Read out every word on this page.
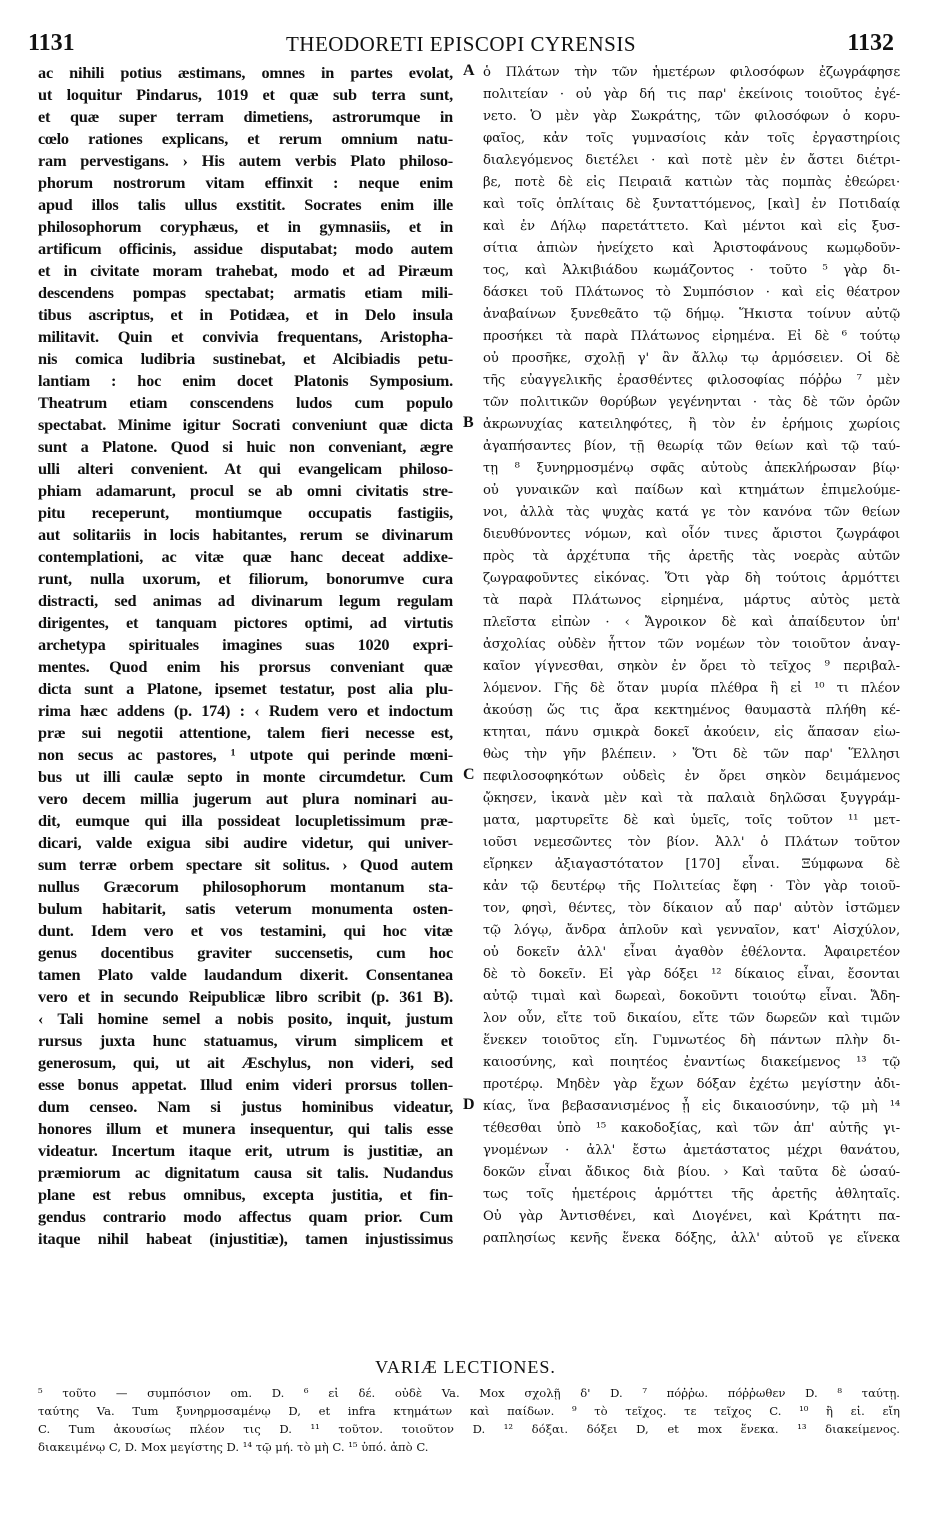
1131	THEODORETI EPISCOPI CYRENSIS	1132
ac nihili potius æstimans, omnes in partes evolat,
ut loquitur Pindarus, 1019 et quæ sub terra sunt,
et quæ super terram dimetiens, astrorumque in
cœlo rationes explicans, et rerum omnium natu-
ram pervestigans. › His autem verbis Plato philoso-
phorum nostrorum vitam effinxit : neque enim
apud illos talis ullus exstitit. Socrates enim ille
philosophorum coryphæus, et in gymnasiis, et in
artificum officinis, assidue disputabat; modo autem
et in civitate moram trahebat, modo et ad Piræum
descendens pompas spectabat; armatis etiam mili-
tibus ascriptus, et in Potidæa, et in Delo insula
militavit. Quin et convivia frequentans, Aristopha-
nis comica ludibria sustinebat, et Alcibiadis petu-
lantiam : hoc enim docet Platonis Symposium.
Theatrum etiam conscendens ludos cum populo
spectabat. Minime igitur Socrati conveniunt quæ dicta
sunt a Platone. Quod si huic non conveniant, ægre
ulli alteri convenient. At qui evangelicam philoso-
phiam adamarunt, procul se ab omni civitatis stre-
pitu receperunt, montiumque occupatis fastigiis,
aut solitariis in locis habitantes, rerum se divinarum
contemplationi, ac vitæ quæ hanc deceat addixe-
runt, nulla uxorum, et filiorum, bonorumve cura
distracti, sed animas ad divinarum legum regulam
dirigentes, et tanquam pictores optimi, ad virtutis
archetypa spirituales imagines suas 1020 expri-
mentes. Quod enim his prorsus conveniant quæ
dicta sunt a Platone, ipsemet testatur, post alia plu-
rima hæc addens (p. 174) : ‹ Rudem vero et indoctum
præ sui negotii attentione, talem fieri necesse est,
non secus ac pastores, ¹ utpote qui perinde mœni-
bus ut illi caulæ septo in monte circumdetur. Cum
vero decem millia jugerum aut plura nominari au-
dit, eumque qui illa possideat locupletissimum præ-
dicari, valde exigua sibi audire videtur, qui univer-
sum terræ orbem spectare sit solitus. › Quod autem
nullus Græcorum philosophorum montanum sta-
bulum habitarit, satis veterum monumenta osten-
dunt. Idem vero et vos testamini, qui hoc vitæ
genus docentibus graviter succensetis, cum hoc
tamen Plato valde laudandum dixerit. Consentanea
vero et in secundo Reipublicæ libro scribit (p. 361 B).
‹ Tali homine semel a nobis posito, inquit, justum
rursus juxta hunc statuamus, virum simplicem et
generosum, qui, ut ait Æschylus, non videri, sed
esse bonus appetat. Illud enim videri prorsus tollen-
dum censeo. Nam si justus hominibus videatur,
honores illum et munera insequentur, qui talis esse
videatur. Incertum itaque erit, utrum is justitiæ, an
præmiorum ac dignitatum causa sit talis. Nudandus
plane est rebus omnibus, excepta justitia, et fin-
gendus contrario modo affectus quam prior. Cum
itaque nihil habeat (injustitiæ), tamen injustissimus
A
B
C
D
ὁ Πλάτων τὴν τῶν ἡμετέρων φιλοσόφων ἐζωγράφησε
πολιτείαν · οὐ γὰρ δή τις παρ' ἐκείνοις τοιοῦτος ἐγέ-
νετο. Ὁ μὲν γὰρ Σωκράτης, τῶν φιλοσόφων ὁ κορυ-
φαῖος, κἀν τοῖς γυμνασίοις κἀν τοῖς ἐργαστηρίοις
διαλεγόμενος διετέλει · καὶ ποτὲ μὲν ἐν ἄστει διέτρι-
βε, ποτὲ δὲ εἰς Πειραιᾶ κατιὼν τὰς πομπὰς ἐθεώρει·
καὶ τοῖς ὁπλίταις δὲ ξυνταττόμενος, [καὶ] ἐν Ποτιδαίᾳ
καὶ ἐν Δήλῳ παρετάττετο. Καὶ μέντοι καὶ εἰς ξυσ-
σίτια ἀπιὼν ἠνείχετο καὶ Ἀριστοφάνους κωμῳδοῦν-
τος, καὶ Ἀλκιβιάδου κωμάζοντος · τοῦτο ⁵ γὰρ δι-
δάσκει τοῦ Πλάτωνος τὸ Συμπόσιον · καὶ εἰς θέατρον
ἀναβαίνων ξυνεθεᾶτο τῷ δήμῳ. Ἥκιστα τοίνυν αὐτῷ
προσήκει τὰ παρὰ Πλάτωνος εἰρημένα. Εἰ δὲ ⁶ τούτῳ
οὐ προσῆκε, σχολῇ γ' ἂν ἄλλῳ τῳ ἁρμόσειεν. Οἱ δὲ
τῆς εὐαγγελικῆς ἐρασθέντες φιλοσοφίας πόῤῥω ⁷ μὲν
τῶν πολιτικῶν θορύβων γεγένηνται · τὰς δὲ τῶν ὀρῶν
ἀκρωνυχίας κατειληφότες, ἢ τὸν ἐν ἐρήμοις χωρίοις
ἀγαπήσαντες βίον, τῇ θεωρίᾳ τῶν θείων καὶ τῷ ταύ-
τῃ ⁸ ξυνηρμοσμένῳ σφᾶς αὐτοὺς ἀπεκλήρωσαν βίῳ·
οὐ γυναικῶν καὶ παίδων καὶ κτημάτων ἐπιμελούμε-
νοι, ἀλλὰ τὰς ψυχὰς κατά γε τὸν κανόνα τῶν θείων
διευθύνοντες νόμων, καὶ οἷόν τινες ἄριστοι ζωγράφοι
πρὸς τὰ ἀρχέτυπα τῆς ἀρετῆς τὰς νοερὰς αὐτῶν
ζωγραφοῦντες εἰκόνας. Ὅτι γὰρ δὴ τούτοις ἁρμόττει
τὰ παρὰ Πλάτωνος εἰρημένα, μάρτυς αὐτὸς μετὰ
πλεῖστα εἰπὼν · ‹ Ἄγροικον δὲ καὶ ἀπαίδευτον ὑπ'
ἀσχολίας οὐδὲν ἧττον τῶν νομέων τὸν τοιοῦτον ἀναγ-
καῖον γίγνεσθαι, σηκὸν ἐν ὄρει τὸ τεῖχος ⁹ περιβαλ-
λόμενον. Γῆς δὲ ὅταν μυρία πλέθρα ἢ εἰ ¹⁰ τι πλέον
ἀκούσῃ ὥς τις ἄρα κεκτημένος θαυμαστὰ πλήθη κέ-
κτηται, πάνυ σμικρὰ δοκεῖ ἀκούειν, εἰς ἅπασαν εἰω-
θὼς τὴν γῆν βλέπειν. › Ὅτι δὲ τῶν παρ' Ἕλλησι
πεφιλοσοφηκότων οὐδεὶς ἐν ὄρει σηκὸν δειμάμενος
ᾤκησεν, ἱκανὰ μὲν καὶ τὰ παλαιὰ δηλῶσαι ξυγγράμ-
ματα, μαρτυρεῖτε δὲ καὶ ὑμεῖς, τοῖς τοῦτον ¹¹ μετ-
ιοῦσι νεμεσῶντες τὸν βίον. Ἀλλ' ὁ Πλάτων τοῦτον
εἴρηκεν ἀξιαγαστότατον [170] εἶναι. Ξύμφωνα δὲ
κἀν τῷ δευτέρῳ τῆς Πολιτείας ἔφη · Τὸν γὰρ τοιοῦ-
τον, φησὶ, θέντες, τὸν δίκαιον αὖ παρ' αὐτὸν ἱστῶμεν
τῷ λόγῳ, ἄνδρα ἁπλοῦν καὶ γενναῖον, κατ' Αἰσχύλον,
οὐ δοκεῖν ἀλλ' εἶναι ἀγαθὸν ἐθέλοντα. Ἀφαιρετέον
δὲ τὸ δοκεῖν. Εἰ γὰρ δόξει ¹² δίκαιος εἶναι, ἔσονται
αὐτῷ τιμαὶ καὶ δωρεαὶ, δοκοῦντι τοιούτῳ εἶναι. Ἄδη-
λον οὖν, εἴτε τοῦ δικαίου, εἴτε τῶν δωρεῶν καὶ τιμῶν
ἕνεκεν τοιοῦτος εἴη. Γυμνωτέος δὴ πάντων πλὴν δι-
καιοσύνης, καὶ ποιητέος ἐναντίως διακείμενος ¹³ τῷ
προτέρῳ. Μηδὲν γὰρ ἔχων δόξαν ἐχέτω μεγίστην ἀδι-
κίας, ἵνα βεβασανισμένος ᾖ εἰς δικαιοσύνην, τῷ μὴ ¹⁴
τέθεσθαι ὑπὸ ¹⁵ κακοδοξίας, καὶ τῶν ἀπ' αὐτῆς γι-
γνομένων · ἀλλ' ἔστω ἀμετάστατος μέχρι θανάτου,
δοκῶν εἶναι ἄδικος διὰ βίου. › Καὶ ταῦτα δὲ ὡσαύ-
τως τοῖς ἡμετέροις ἁρμόττει τῆς ἀρετῆς ἀθληταῖς.
Οὐ γὰρ Ἀντισθένει, καὶ Διογένει, καὶ Κράτητι πα-
ραπλησίως κενῆς ἕνεκα δόξης, ἀλλ' αὐτοῦ γε εἵνεκα
VARIÆ LECTIONES.
⁵ τοῦτο — συμπόσιον om. D. ⁶ εἰ δέ. οὐδὲ Va. Mox σχολῇ δ' D. ⁷ πόῤῥω. πόῤῥωθεν D. ⁸ ταύτῃ.
ταύτης Va. Tum ξυνηρμοσαμένῳ D, et infra κτημάτων καὶ παίδων. ⁹ τὸ τεῖχος. τε τεῖχος C. ¹⁰ ἢ εἰ. εἴη
C. Tum ἀκουσίως πλέον τις D. ¹¹ τοῦτον. τοιοῦτον D. ¹² δόξαι. δόξει D, et mox ἕνεκα. ¹³ διακείμενος.
διακειμένῳ C, D. Mox μεγίστης D. ¹⁴ τῷ μή. τὸ μὴ C. ¹⁵ ὑπό. ἀπὸ C.
